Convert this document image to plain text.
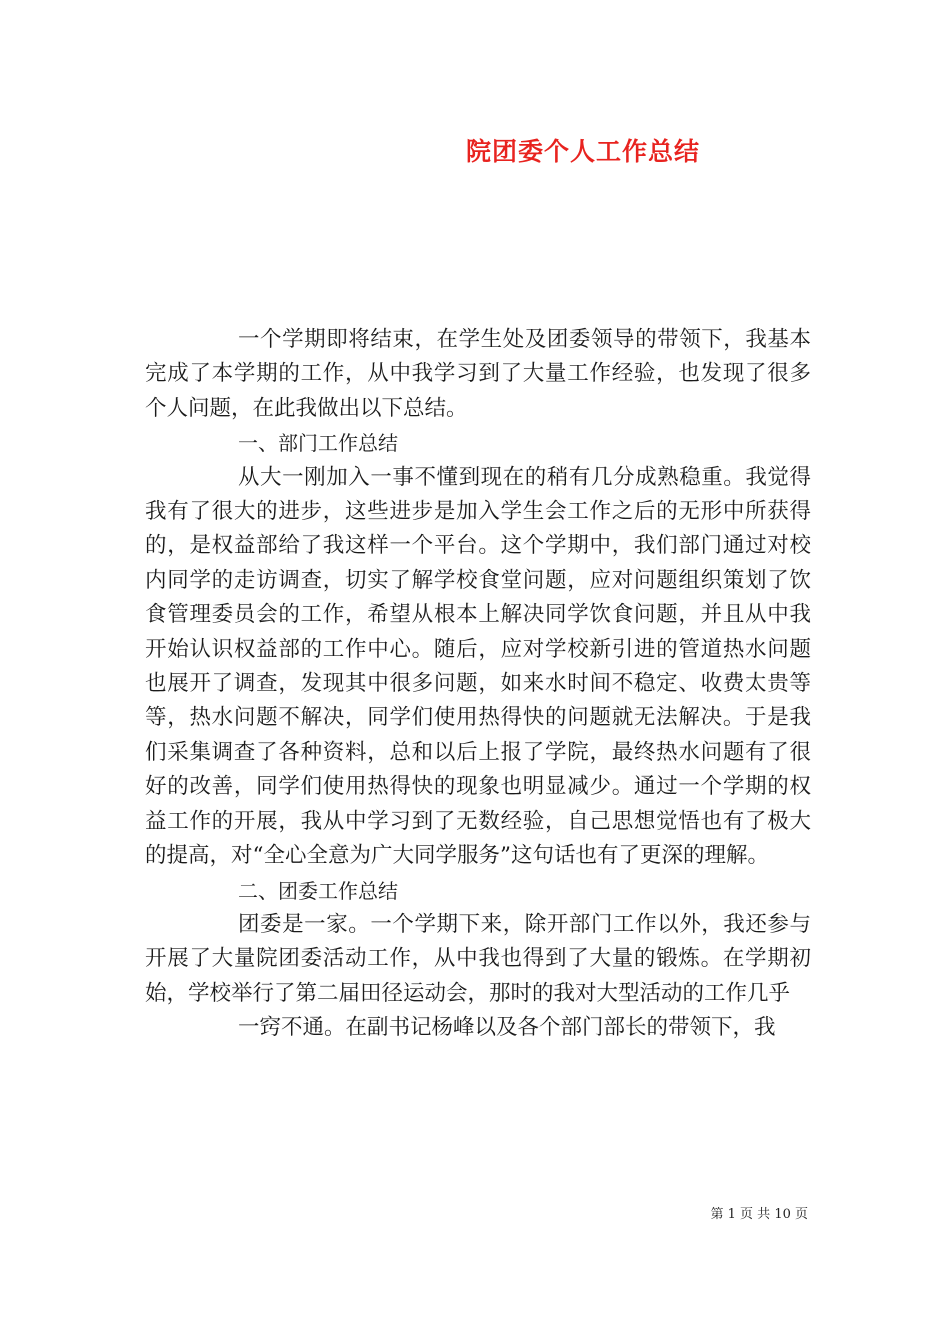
院团委个人工作总结

一个学期即将结束，在学生处及团委领导的带领下，我基本完成了本学期的工作，从中我学习到了大量工作经验，也发现了很多个人问题，在此我做出以下总结。

一、部门工作总结

从大一刚加入一事不懂到现在的稍有几分成熟稳重。我觉得我有了很大的进步，这些进步是加入学生会工作之后的无形中所获得的，是权益部给了我这样一个平台。这个学期中，我们部门通过对校内同学的走访调查，切实了解学校食堂问题，应对问题组织策划了饮食管理委员会的工作，希望从根本上解决同学饮食问题，并且从中我开始认识权益部的工作中心。随后，应对学校新引进的管道热水问题也展开了调查，发现其中很多问题，如来水时间不稳定、收费太贵等等，热水问题不解决，同学们使用热得快的问题就无法解决。于是我们采集调查了各种资料，总和以后上报了学院，最终热水问题有了很好的改善，同学们使用热得快的现象也明显减少。通过一个学期的权益工作的开展，我从中学习到了无数经验，自己思想觉悟也有了极大的提高，对“全心全意为广大同学服务”这句话也有了更深的理解。

二、团委工作总结

团委是一家。一个学期下来，除开部门工作以外，我还参与开展了大量院团委活动工作，从中我也得到了大量的锻炼。在学期初始，学校举行了第二届田径运动会，那时的我对大型活动的工作几乎

一窍不通。在副书记杨峰以及各个部门部长的带领下，我

第 1 页 共 10 页
